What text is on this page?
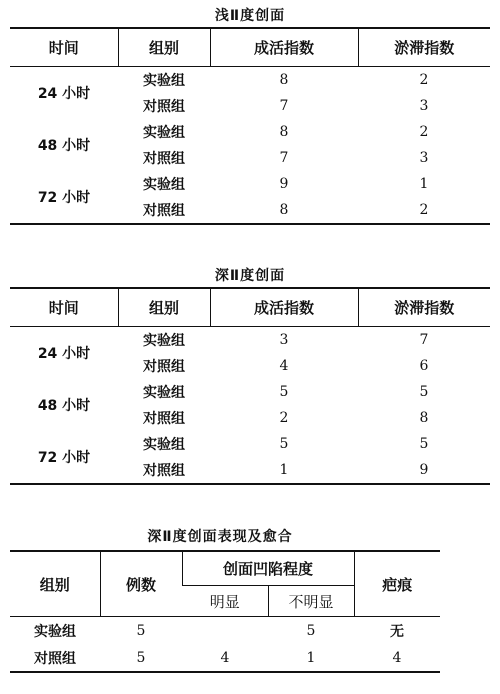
浅Ⅱ度创面
时间	组别	成活指数	淤滞指数
24 小时	实验组	8	2
	对照组	7	3
48 小时	实验组	8	2
	对照组	7	3
72 小时	实验组	9	1
	对照组	8	2
深Ⅱ度创面
时间	组别	成活指数	淤滞指数
24 小时	实验组	3	7
	对照组	4	6
48 小时	实验组	5	5
	对照组	2	8
72 小时	实验组	5	5
	对照组	1	9
深Ⅱ度创面表现及愈合
组别	例数	创面凹陷程度		疤痕
		明显	不明显	
实验组	5		5	无
对照组	5	4	1	4
